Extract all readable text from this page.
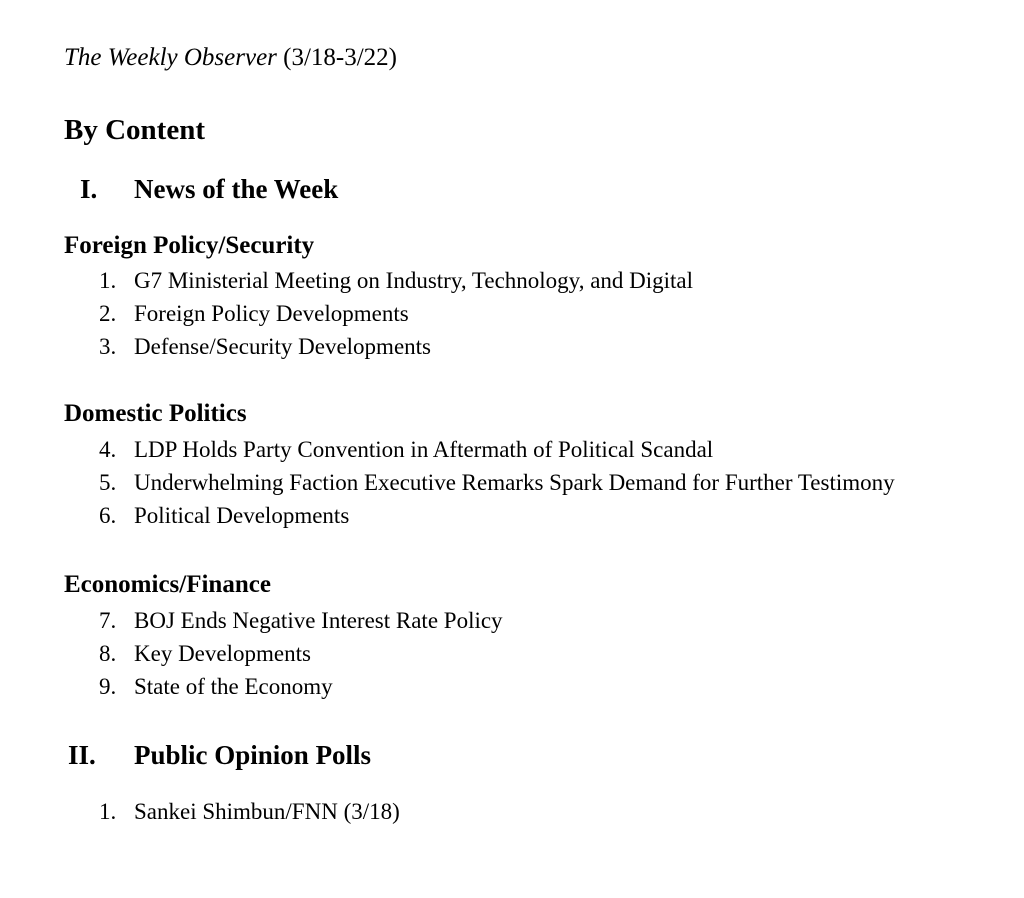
The Weekly Observer (3/18-3/22)
By Content
I. News of the Week
Foreign Policy/Security
1. G7 Ministerial Meeting on Industry, Technology, and Digital
2. Foreign Policy Developments
3. Defense/Security Developments
Domestic Politics
4. LDP Holds Party Convention in Aftermath of Political Scandal
5. Underwhelming Faction Executive Remarks Spark Demand for Further Testimony
6. Political Developments
Economics/Finance
7. BOJ Ends Negative Interest Rate Policy
8. Key Developments
9. State of the Economy
II. Public Opinion Polls
1. Sankei Shimbun/FNN (3/18)
